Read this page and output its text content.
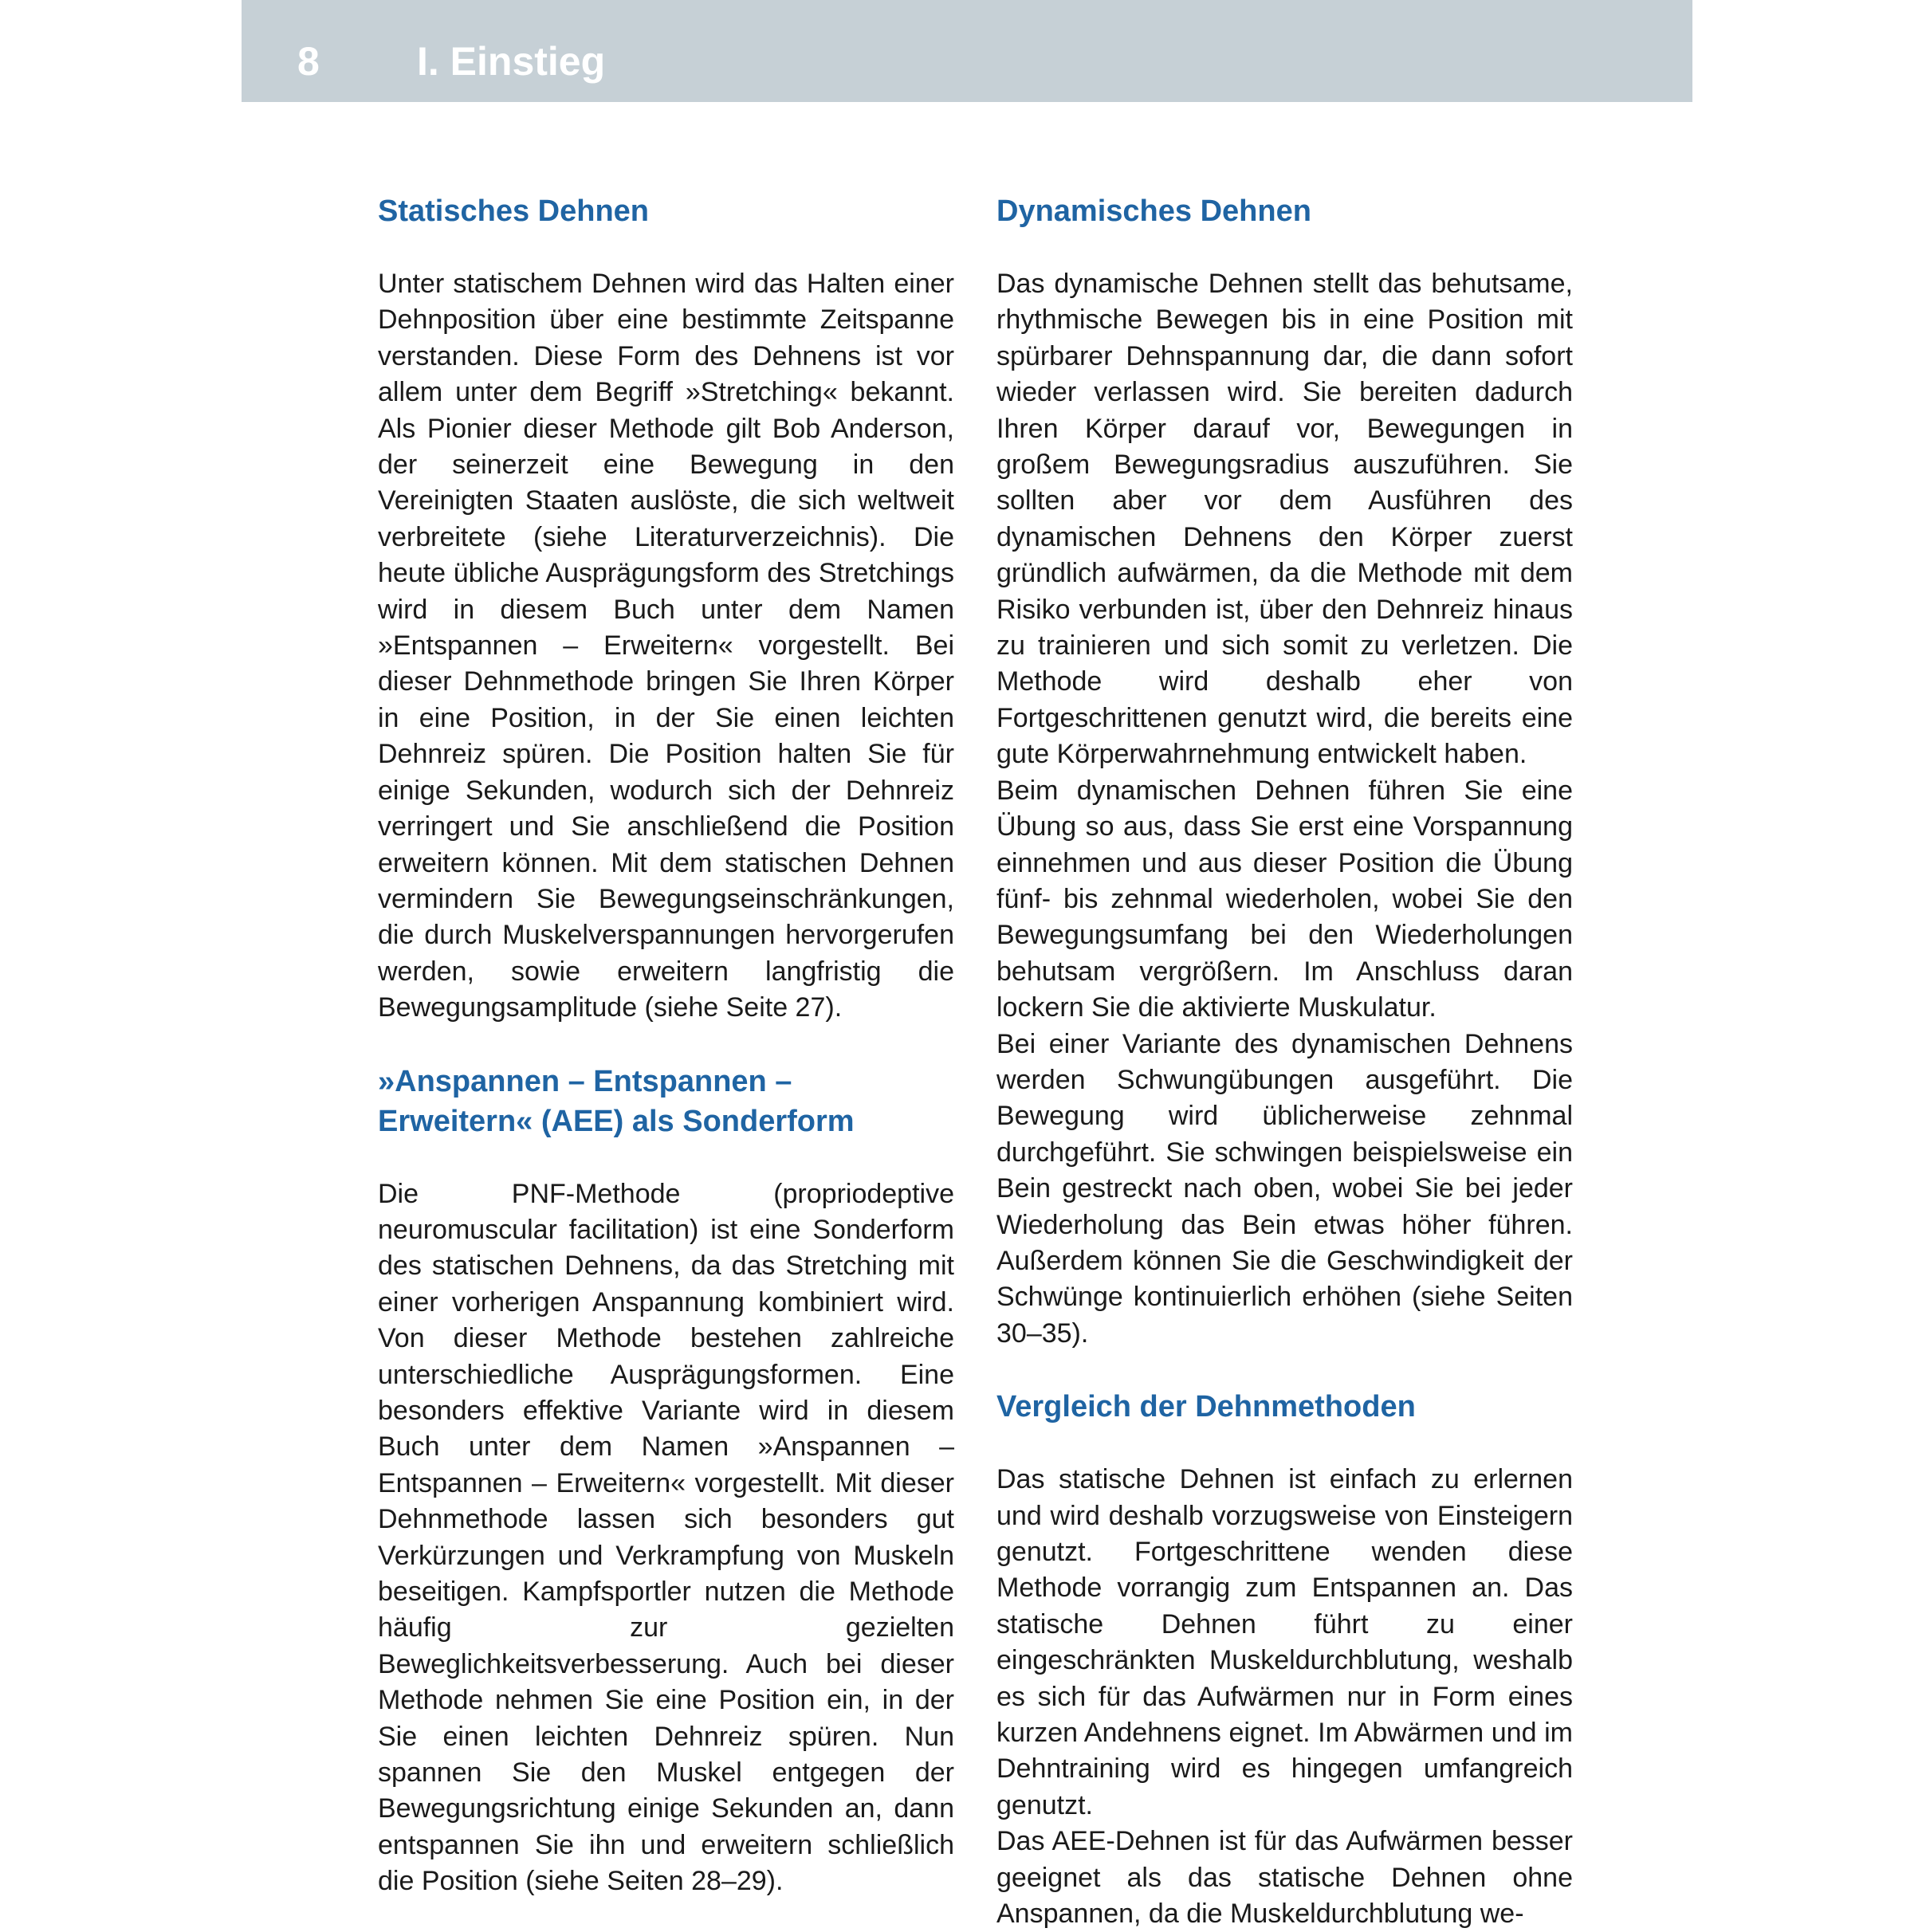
8 I. Einstieg
Statisches Dehnen

Unter statischem Dehnen wird das Halten einer Dehnposition über eine bestimmte Zeitspanne verstanden. Diese Form des Dehnens ist vor allem unter dem Begriff »Stretching« bekannt. Als Pionier dieser Methode gilt Bob Anderson, der seinerzeit eine Bewegung in den Vereinigten Staaten auslöste, die sich weltweit verbreitete (siehe Literaturverzeichnis). Die heute übliche Ausprägungsform des Stretchings wird in diesem Buch unter dem Namen »Entspannen – Erweitern« vorgestellt. Bei dieser Dehnmethode bringen Sie Ihren Körper in eine Position, in der Sie einen leichten Dehnreiz spüren. Die Position halten Sie für einige Sekunden, wodurch sich der Dehnreiz verringert und Sie anschließend die Position erweitern können. Mit dem statischen Dehnen vermindern Sie Bewegungseinschränkungen, die durch Muskelverspannungen hervorgerufen werden, sowie erweitern langfristig die Bewegungsamplitude (siehe Seite 27).

»Anspannen – Entspannen – Erweitern« (AEE) als Sonderform

Die PNF-Methode (propriodeptive neuromuscular facilitation) ist eine Sonderform des statischen Dehnens, da das Stretching mit einer vorherigen Anspannung kombiniert wird. Von dieser Methode bestehen zahlreiche unterschiedliche Ausprägungsformen. Eine besonders effektive Variante wird in diesem Buch unter dem Namen »Anspannen – Entspannen – Erweitern« vorgestellt. Mit dieser Dehnmethode lassen sich besonders gut Verkürzungen und Verkrampfung von Muskeln beseitigen. Kampfsportler nutzen die Methode häufig zur gezielten Beweglichkeitsverbesserung. Auch bei dieser Methode nehmen Sie eine Position ein, in der Sie einen leichten Dehnreiz spüren. Nun spannen Sie den Muskel entgegen der Bewegungsrichtung einige Sekunden an, dann entspannen Sie ihn und erweitern schließlich die Position (siehe Seiten 28–29).

Dynamisches Dehnen

Das dynamische Dehnen stellt das behutsame, rhythmische Bewegen bis in eine Position mit spürbarer Dehnspannung dar, die dann sofort wieder verlassen wird. Sie bereiten dadurch Ihren Körper darauf vor, Bewegungen in großem Bewegungsradius auszuführen. Sie sollten aber vor dem Ausführen des dynamischen Dehnens den Körper zuerst gründlich aufwärmen, da die Methode mit dem Risiko verbunden ist, über den Dehnreiz hinaus zu trainieren und sich somit zu verletzen. Die Methode wird deshalb eher von Fortgeschrittenen genutzt wird, die bereits eine gute Körperwahrnehmung entwickelt haben.

Beim dynamischen Dehnen führen Sie eine Übung so aus, dass Sie erst eine Vorspannung einnehmen und aus dieser Position die Übung fünf- bis zehnmal wiederholen, wobei Sie den Bewegungsumfang bei den Wiederholungen behutsam vergrößern. Im Anschluss daran lockern Sie die aktivierte Muskulatur.

Bei einer Variante des dynamischen Dehnens werden Schwungübungen ausgeführt. Die Bewegung wird üblicherweise zehnmal durchgeführt. Sie schwingen beispielsweise ein Bein gestreckt nach oben, wobei Sie bei jeder Wiederholung das Bein etwas höher führen. Außerdem können Sie die Geschwindigkeit der Schwünge kontinuierlich erhöhen (siehe Seiten 30–35).

Vergleich der Dehnmethoden

Das statische Dehnen ist einfach zu erlernen und wird deshalb vorzugsweise von Einsteigern genutzt. Fortgeschrittene wenden diese Methode vorrangig zum Entspannen an. Das statische Dehnen führt zu einer eingeschränkten Muskeldurchblutung, weshalb es sich für das Aufwärmen nur in Form eines kurzen Andehnens eignet. Im Abwärmen und im Dehntraining wird es hingegen umfangreich genutzt.

Das AEE-Dehnen ist für das Aufwärmen besser geeignet als das statische Dehnen ohne Anspannen, da die Muskeldurchblutung we-
